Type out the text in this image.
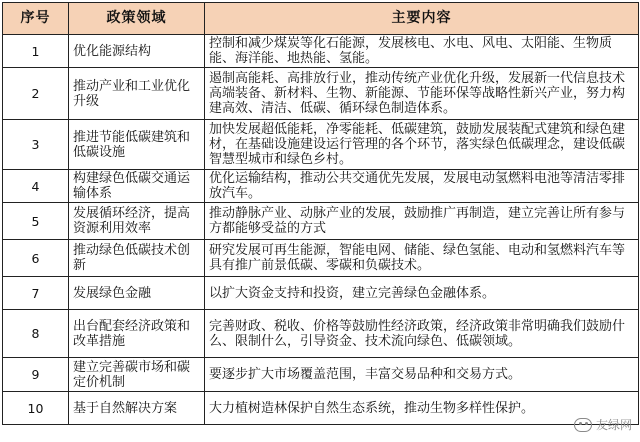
序号	政策领域	主要内容
1	优化能源结构	控制和减少煤炭等化石能源，发展核电、水电、风电、太阳能、生物质能、海洋能、地热能、氢能。
2	推动产业和工业优化升级	遏制高能耗、高排放行业，推动传统产业优化升级，发展新一代信息技术高端装备、新材料、生物、新能源、节能环保等战略性新兴产业，努力构建高效、清洁、低碳、循环绿色制造体系。
3	推进节能低碳建筑和低碳设施	加快发展超低能耗，净零能耗、低碳建筑，鼓励发展装配式建筑和绿色建材，在基础设施建设运行管理的各个环节，落实绿色低碳理念，建设低碳智慧型城市和绿色乡村。
4	构建绿色低碳交通运输体系	优化运输结构，推动公共交通优先发展，发展电动氢燃料电池等清洁零排放汽车。
5	发展循环经济，提高资源利用效率	推动静脉产业、动脉产业的发展，鼓励推广再制造，建立完善让所有参与方都能够受益的方式
6	推动绿色低碳技术创新	研究发展可再生能源，智能电网、储能、绿色氢能、电动和氢燃料汽车等具有推广前景低碳、零碳和负碳技术。
7	发展绿色金融	以扩大资金支持和投资，建立完善绿色金融体系。
8	出台配套经济政策和改革措施	完善财政、税收、价格等鼓励性经济政策，经济政策非常明确我们鼓励什么、限制什么，引导资金、技术流向绿色、低碳领域。
9	建立完善碳市场和碳定价机制	要逐步扩大市场覆盖范围，丰富交易品种和交易方式。
10	基于自然解决方案	大力植树造林保护自然生态系统，推动生物多样性保护。
友绿网
